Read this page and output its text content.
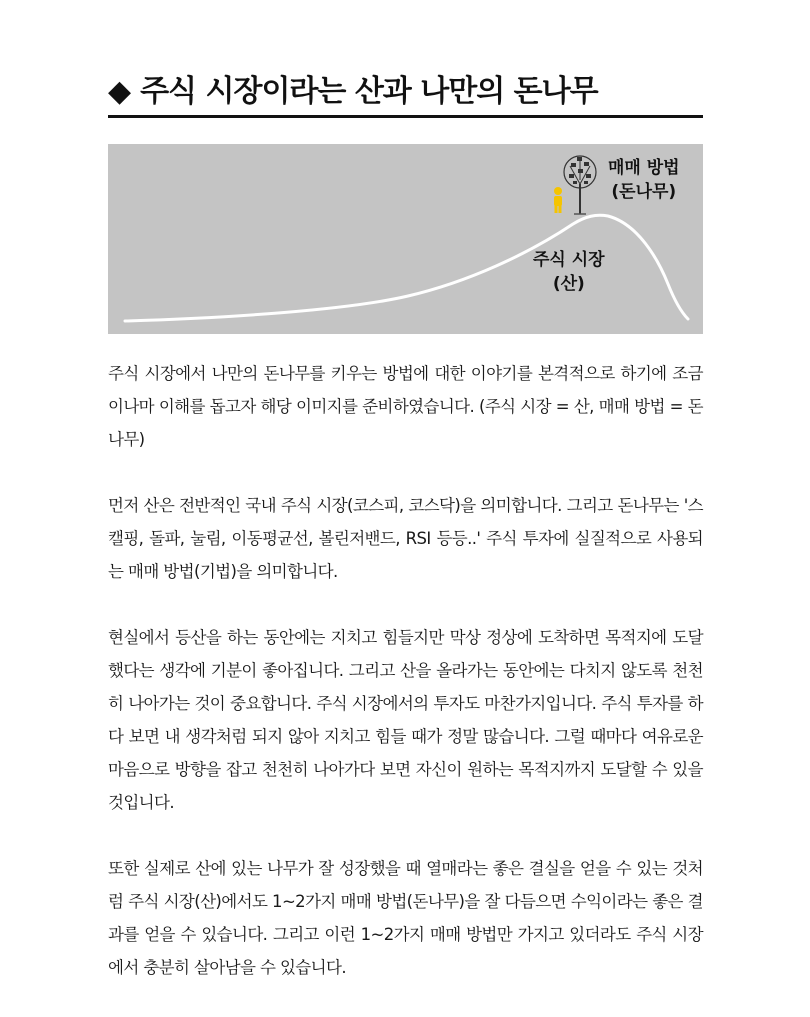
◆ 주식 시장이라는 산과 나만의 돈나무
매매 방법
(돈나무)
주식 시장
(산)

주식 시장에서 나만의 돈나무를 키우는 방법에 대한 이야기를 본격적으로 하기에 조금이나마 이해를 돕고자 해당 이미지를 준비하였습니다. (주식 시장 = 산, 매매 방법 = 돈나무)

먼저 산은 전반적인 국내 주식 시장(코스피, 코스닥)을 의미합니다. 그리고 돈나무는 '스캘핑, 돌파, 눌림, 이동평균선, 볼린저밴드, RSI 등등..' 주식 투자에 실질적으로 사용되는 매매 방법(기법)을 의미합니다.

현실에서 등산을 하는 동안에는 지치고 힘들지만 막상 정상에 도착하면 목적지에 도달했다는 생각에 기분이 좋아집니다. 그리고 산을 올라가는 동안에는 다치지 않도록 천천히 나아가는 것이 중요합니다. 주식 시장에서의 투자도 마찬가지입니다. 주식 투자를 하다 보면 내 생각처럼 되지 않아 지치고 힘들 때가 정말 많습니다. 그럴 때마다 여유로운 마음으로 방향을 잡고 천천히 나아가다 보면 자신이 원하는 목적지까지 도달할 수 있을 것입니다.

또한 실제로 산에 있는 나무가 잘 성장했을 때 열매라는 좋은 결실을 얻을 수 있는 것처럼 주식 시장(산)에서도 1~2가지 매매 방법(돈나무)을 잘 다듬으면 수익이라는 좋은 결과를 얻을 수 있습니다. 그리고 이런 1~2가지 매매 방법만 가지고 있더라도 주식 시장에서 충분히 살아남을 수 있습니다.
